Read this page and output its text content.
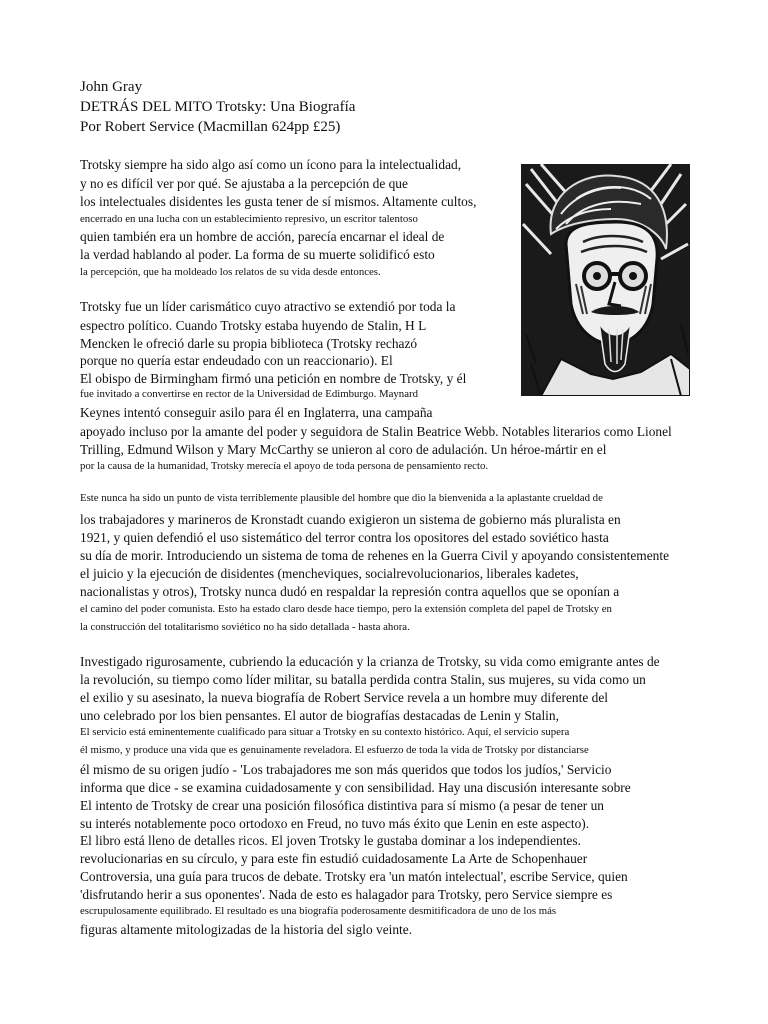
John Gray
DETRÁS DEL MITO Trotsky: Una Biografía
Por Robert Service (Macmillan 624pp £25)
Trotsky siempre ha sido algo así como un ícono para la intelectualidad,
y no es difícil ver por qué. Se ajustaba a la percepción de que
los intelectuales disidentes les gusta tener de sí mismos. Altamente cultos,
encerrado en una lucha con un establecimiento represivo, un escritor talentoso
quien también era un hombre de acción, parecía encarnar el ideal de
la verdad hablando al poder. La forma de su muerte solidificó esto
la percepción, que ha moldeado los relatos de su vida desde entonces.
Trotsky fue un líder carismático cuyo atractivo se extendió por toda la
espectro político. Cuando Trotsky estaba huyendo de Stalin, H L
Mencken le ofreció darle su propia biblioteca (Trotsky rechazó
porque no quería estar endeudado con un reaccionario). El
El obispo de Birmingham firmó una petición en nombre de Trotsky, y él
fue invitado a convertirse en rector de la Universidad de Edimburgo. Maynard
Keynes intentó conseguir asilo para él en Inglaterra, una campaña
apoyado incluso por la amante del poder y seguidora de Stalin Beatrice Webb. Notables literarios como Lionel
Trilling, Edmund Wilson y Mary McCarthy se unieron al coro de adulación. Un héroe-mártir en el
por la causa de la humanidad, Trotsky merecía el apoyo de toda persona de pensamiento recto.
Este nunca ha sido un punto de vista terriblemente plausible del hombre que dio la bienvenida a la aplastante crueldad de
los trabajadores y marineros de Kronstadt cuando exigieron un sistema de gobierno más pluralista en
1921, y quien defendió el uso sistemático del terror contra los opositores del estado soviético hasta
su día de morir. Introduciendo un sistema de toma de rehenes en la Guerra Civil y apoyando consistentemente
el juicio y la ejecución de disidentes (mencheviques, socialrevolucionarios, liberales kadetes,
nacionalistas y otros), Trotsky nunca dudó en respaldar la represión contra aquellos que se oponían a
el camino del poder comunista. Esto ha estado claro desde hace tiempo, pero la extensión completa del papel de Trotsky en
la construcción del totalitarismo soviético no ha sido detallada - hasta ahora.
Investigado rigurosamente, cubriendo la educación y la crianza de Trotsky, su vida como emigrante antes de
la revolución, su tiempo como líder militar, su batalla perdida contra Stalin, sus mujeres, su vida como un
el exilio y su asesinato, la nueva biografía de Robert Service revela a un hombre muy diferente del
uno celebrado por los bien pensantes. El autor de biografías destacadas de Lenin y Stalin,
El servicio está eminentemente cualificado para situar a Trotsky en su contexto histórico. Aquí, el servicio supera
él mismo, y produce una vida que es genuinamente reveladora. El esfuerzo de toda la vida de Trotsky por distanciarse
él mismo de su origen judío - 'Los trabajadores me son más queridos que todos los judíos,' Servicio
informa que dice - se examina cuidadosamente y con sensibilidad. Hay una discusión interesante sobre
El intento de Trotsky de crear una posición filosófica distintiva para sí mismo (a pesar de tener un
su interés notablemente poco ortodoxo en Freud, no tuvo más éxito que Lenin en este aspecto).
El libro está lleno de detalles ricos. El joven Trotsky le gustaba dominar a los independientes.
revolucionarias en su círculo, y para este fin estudió cuidadosamente La Arte de Schopenhauer
Controversia, una guía para trucos de debate. Trotsky era 'un matón intelectual', escribe Service, quien
'disfrutando herir a sus oponentes'. Nada de esto es halagador para Trotsky, pero Service siempre es
escrupulosamente equilibrado. El resultado es una biografía poderosamente desmitificadora de uno de los más
figuras altamente mitologizadas de la historia del siglo veinte.
